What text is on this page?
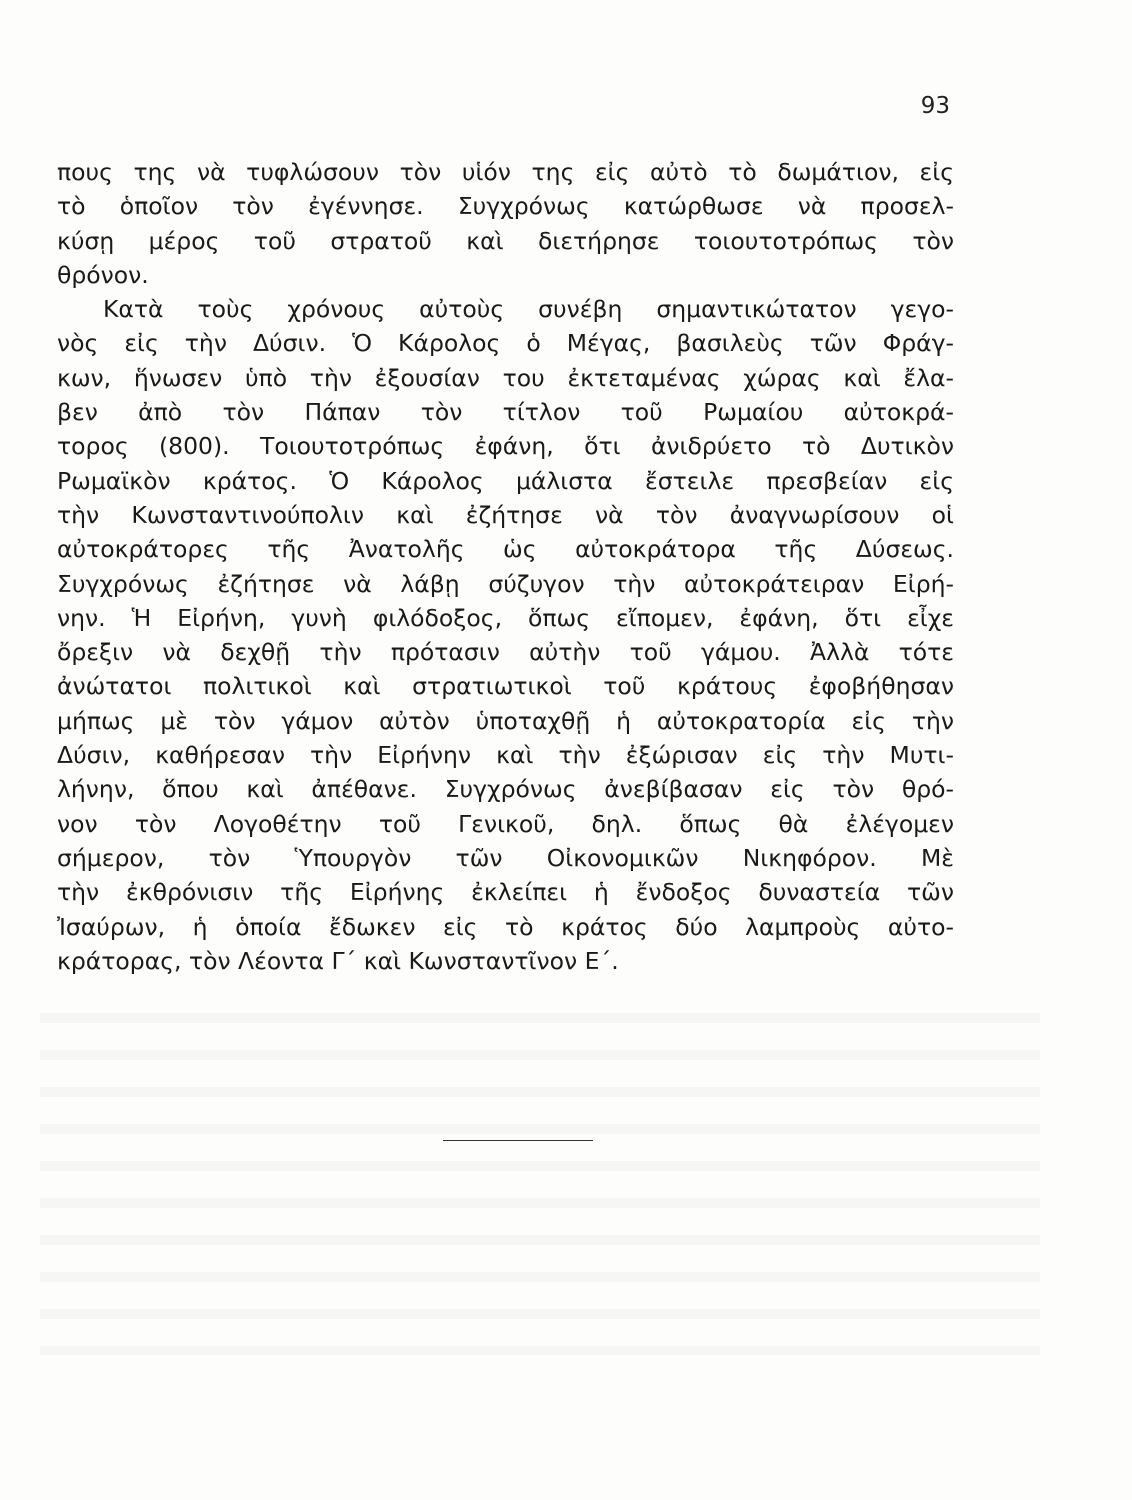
93
πους της νὰ τυφλώσουν τὸν υἱόν της εἰς αὐτὸ τὸ δωμάτιον, εἰς
τὸ ὁποῖον τὸν ἐγέννησε. Συγχρόνως κατώρθωσε νὰ προσελ-
κύσῃ μέρος τοῦ στρατοῦ καὶ διετήρησε τοιουτοτρόπως τὸν
θρόνον.
Κατὰ τοὺς χρόνους αὐτοὺς συνέβη σημαντικώτατον γεγο-
νὸς εἰς τὴν Δύσιν. Ὁ Κάρολος ὁ Μέγας, βασιλεὺς τῶν Φράγ-
κων, ἥνωσεν ὑπὸ τὴν ἐξουσίαν του ἐκτεταμένας χώρας καὶ ἔλα-
βεν ἀπὸ τὸν Πάπαν τὸν τίτλον τοῦ Ρωμαίου αὐτοκρά-
τορος (800). Τοιουτοτρόπως ἐφάνη, ὅτι ἀνιδρύετο τὸ Δυτικὸν
Ρωμαϊκὸν κράτος. Ὁ Κάρολος μάλιστα ἔστειλε πρεσβείαν εἰς
τὴν Κωνσταντινούπολιν καὶ ἐζήτησε νὰ τὸν ἀναγνωρίσουν οἱ
αὐτοκράτορες τῆς Ἀνατολῆς ὡς αὐτοκράτορα τῆς Δύσεως.
Συγχρόνως ἐζήτησε νὰ λάβῃ σύζυγον τὴν αὐτοκράτειραν Εἰρή-
νην. Ἡ Εἰρήνη, γυνὴ φιλόδοξος, ὅπως εἴπομεν, ἐφάνη, ὅτι εἶχε
ὄρεξιν νὰ δεχθῇ τὴν πρότασιν αὐτὴν τοῦ γάμου. Ἀλλὰ τότε
ἀνώτατοι πολιτικοὶ καὶ στρατιωτικοὶ τοῦ κράτους ἐφοβήθησαν
μήπως μὲ τὸν γάμον αὐτὸν ὑποταχθῇ ἡ αὐτοκρατορία εἰς τὴν
Δύσιν, καθήρεσαν τὴν Εἰρήνην καὶ τὴν ἐξώρισαν εἰς τὴν Μυτι-
λήνην, ὅπου καὶ ἀπέθανε. Συγχρόνως ἀνεβίβασαν εἰς τὸν θρό-
νον τὸν Λογοθέτην τοῦ Γενικοῦ, δηλ. ὅπως θὰ ἐλέγομεν
σήμερον, τὸν Ὑπουργὸν τῶν Οἰκονομικῶν Νικηφόρον. Μὲ
τὴν ἐκθρόνισιν τῆς Εἰρήνης ἐκλείπει ἡ ἔνδοξος δυναστεία τῶν
Ἰσαύρων, ἡ ὁποία ἔδωκεν εἰς τὸ κράτος δύο λαμπροὺς αὐτο-
κράτορας, τὸν Λέοντα Γ´ καὶ Κωνσταντῖνον Ε´.
